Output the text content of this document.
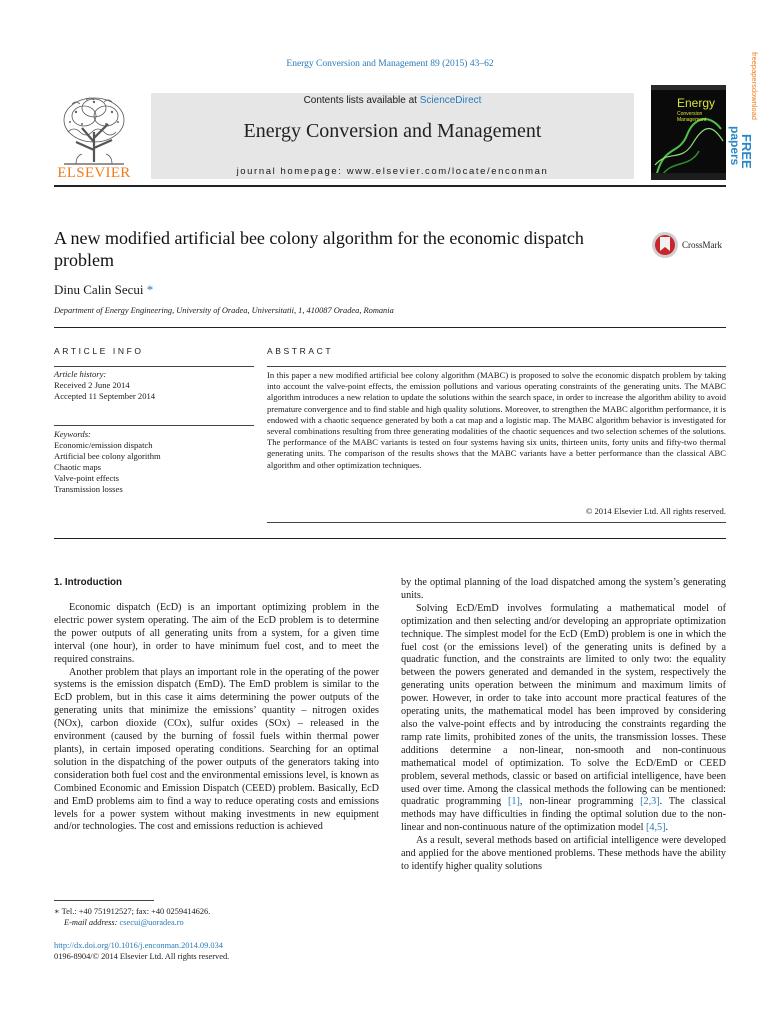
Energy Conversion and Management 89 (2015) 43–62
Contents lists available at ScienceDirect
Energy Conversion and Management
journal homepage: www.elsevier.com/locate/enconman
ELSEVIER
Energy
Conversion
Management
FREE
papers
freepapersdownload
A new modified artificial bee colony algorithm for the economic dispatch problem
CrossMark
Dinu Calin Secui *
Department of Energy Engineering, University of Oradea, Universitatii, 1, 410087 Oradea, Romania
ARTICLE INFO	ABSTRACT
Article history:
Received 2 June 2014
Accepted 11 September 2014
Keywords:
Economic/emission dispatch
Artificial bee colony algorithm
Chaotic maps
Valve-point effects
Transmission losses
In this paper a new modified artificial bee colony algorithm (MABC) is proposed to solve the economic dispatch problem by taking into account the valve-point effects, the emission pollutions and various operating constraints of the generating units. The MABC algorithm introduces a new relation to update the solutions within the search space, in order to increase the algorithm ability to avoid premature convergence and to find stable and high quality solutions. Moreover, to strengthen the MABC algorithm performance, it is endowed with a chaotic sequence generated by both a cat map and a logistic map. The MABC algorithm behavior is investigated for several combinations resulting from three generating modalities of the chaotic sequences and two selection schemes of the solutions. The performance of the MABC variants is tested on four systems having six units, thirteen units, forty units and fifty-two thermal generating units. The comparison of the results shows that the MABC variants have a better performance than the classical ABC algorithm and other optimization techniques.
© 2014 Elsevier Ltd. All rights reserved.
1. Introduction

Economic dispatch (EcD) is an important optimizing problem in the electric power system operating. The aim of the EcD problem is to determine the power outputs of all generating units from a system, for a given time interval (one hour), in order to have minimum fuel cost, and to meet the required constrains.

Another problem that plays an important role in the operating of the power systems is the emission dispatch (EmD). The EmD problem is similar to the EcD problem, but in this case it aims determining the power outputs of the generating units that minimize the emissions’ quantity – nitrogen oxides (NOx), carbon dioxide (COx), sulfur oxides (SOx) – released in the environment (caused by the burning of fossil fuels within thermal power plants), in certain imposed operating conditions. Searching for an optimal solution in the dispatching of the power outputs of the generators taking into consideration both fuel cost and the environmental emissions level, is known as Combined Economic and Emission Dispatch (CEED) problem. Basically, EcD and EmD problems aim to find a way to reduce operating costs and emissions levels for a power system without making investments in new equipment and/or technologies. The cost and emissions reduction is achieved

by the optimal planning of the load dispatched among the system’s generating units.

Solving EcD/EmD involves formulating a mathematical model of optimization and then selecting and/or developing an appropriate optimization technique. The simplest model for the EcD (EmD) problem is one in which the fuel cost (or the emissions level) of the generating units is defined by a quadratic function, and the constraints are limited to only two: the equality between the powers generated and demanded in the system, respectively the generating units operation between the minimum and maximum limits of power. However, in order to take into account more practical features of the operating units, the mathematical model has been improved by considering also the valve-point effects and by introducing the constraints regarding the ramp rate limits, prohibited zones of the units, the transmission losses. These additions determine a non-linear, non-smooth and non-continuous mathematical model of optimization. To solve the EcD/EmD or CEED problem, several methods, classic or based on artificial intelligence, have been used over time. Among the classical methods the following can be mentioned: quadratic programming [1], non-linear programming [2,3]. The classical methods may have difficulties in finding the optimal solution due to the non-linear and non-continuous nature of the optimization model [4,5].

As a result, several methods based on artificial intelligence were developed and applied for the above mentioned problems. These methods have the ability to identify higher quality solutions

∗ Tel.: +40 751912527; fax: +40 0259414626.
E-mail address: csecui@uoradea.ro
http://dx.doi.org/10.1016/j.enconman.2014.09.034
0196-8904/© 2014 Elsevier Ltd. All rights reserved.
